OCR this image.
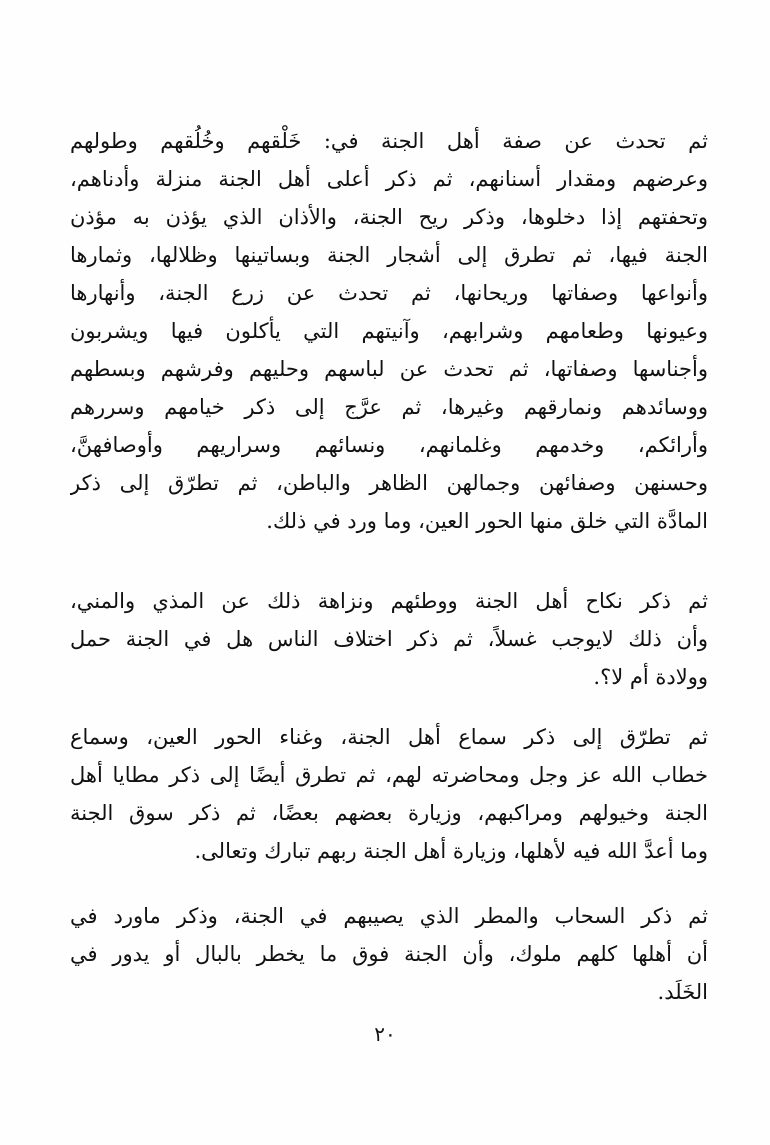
ثم تحدث عن صفة أهل الجنة في: خَلْقهم وخُلُقهم وطولهم
وعرضهم ومقدار أسنانهم، ثم ذكر أعلى أهل الجنة منزلة وأدناهم،
وتحفتهم إذا دخلوها، وذكر ريح الجنة، والأذان الذي يؤذن به مؤذن
الجنة فيها، ثم تطرق إلى أشجار الجنة وبساتينها وظلالها، وثمارها
وأنواعها وصفاتها وريحانها، ثم تحدث عن زرع الجنة، وأنهارها
وعيونها وطعامهم وشرابهم، وآنيتهم التي يأكلون فيها ويشربون
وأجناسها وصفاتها، ثم تحدث عن لباسهم وحليهم وفرشهم وبسطهم
ووسائدهم ونمارقهم وغيرها، ثم عرَّج إلى ذكر خيامهم وسررهم
وأرائكم، وخدمهم وغلمانهم، ونسائهم وسراريهم وأوصافهنَّ،
وحسنهن وصفائهن وجمالهن الظاهر والباطن، ثم تطرّق إلى ذكر
المادَّة التي خلق منها الحور العين، وما ورد في ذلك.
ثم ذكر نكاح أهل الجنة ووطئهم ونزاهة ذلك عن المذي والمني،
وأن ذلك لايوجب غسلاً، ثم ذكر اختلاف الناس هل في الجنة حمل
وولادة أم لا؟.
ثم تطرّق إلى ذكر سماع أهل الجنة، وغناء الحور العين، وسماع
خطاب الله عز وجل ومحاضرته لهم، ثم تطرق أيضًا إلى ذكر مطايا أهل
الجنة وخيولهم ومراكبهم، وزيارة بعضهم بعضًا، ثم ذكر سوق الجنة
وما أعدَّ الله فيه لأهلها، وزيارة أهل الجنة ربهم تبارك وتعالى.
ثم ذكر السحاب والمطر الذي يصيبهم في الجنة، وذكر ماورد في
أن أهلها كلهم ملوك، وأن الجنة فوق ما يخطر بالبال أو يدور في
الخَلَد.
٢٠
